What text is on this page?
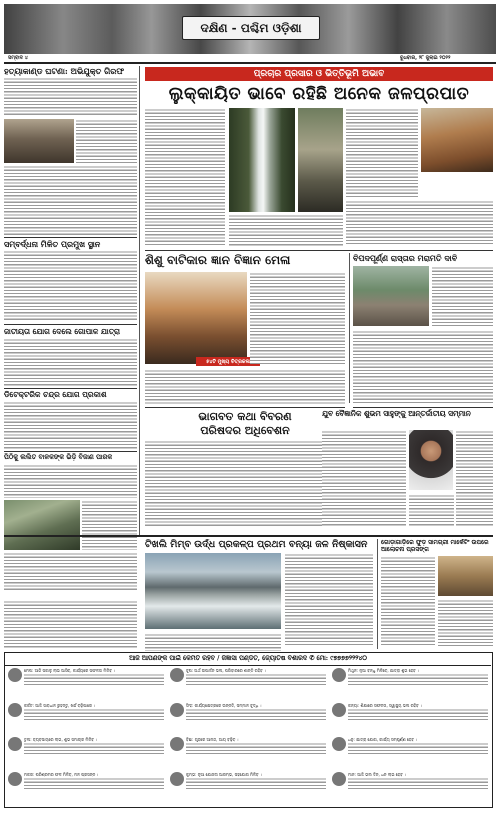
ଦକ୍ଷିଣ - ପଶ୍ଚିମ ଓଡ଼ିଶା
ସମ୍ବାଦ ୪	ବୁଧବାର, ୨୮ ଜୁଲାଇ ୨୦୨୨
ହତ୍ୟାକାଣ୍ଡ ଘଟଣା: ଅଭିଯୁକ୍ତ ଗିରଫ
ସମ୍ବର୍ଦ୍ଧନା ମିଳିତ ପ୍ରମୁଖ ସ୍ଥାନ
ଜାତୀୟତା ଯୋଗ ଦେଲେ ଗୋପାଳ ଯାତ୍ରା
ଡିଟେକ୍ଟରିକ ଚନ୍ଦ୍ର ଯୋଗ ପ୍ରକାଶ
ପିଠିକୁ ଲଲିତ ବାଳକଙ୍କ ଭିଡ଼ି ବିଜାଣ ପାରକ
ପ୍ରଚାର ପ୍ରସାର ଓ ଭିତ୍ତିଭୂମି ଅଭାବ
ଲୁକ୍କାୟିତ ଭାବେ ରହିଛି ଅନେକ ଜଳପ୍ରପାତ
ଶିଶୁ ବାଟିକାର ଜ୍ଞାନ ବିଜ୍ଞାନ ମେଳା
୫୪ଟି ମୁଖ୍ୟ ଚିତ୍ରକଳା
ବିପଦପୂର୍ଣ୍ଣ ରାସ୍ତାର ମରାମତି ଦାବି
ଭାଗବତ କଥା ବିବରଣ
ପରିଷଦର ଅଧିବେଶନ
ଯୁବ ବୈଜ୍ଞାନିକ ଶୁଭମ ସାହୁଙ୍କୁ ଆନ୍ତର୍ଜାତୀୟ ସମ୍ମାନ
ଟିଖଲି ମିମ୍ବ ଉର୍ଦ୍ଧ ପ୍ରକଳ୍ପ ପ୍ରଥମ ବନ୍ୟା ଜଳ ନିଷ୍କାସନ	ଗୋଡ଼ାଗାଡ଼ିରେ ଫୁଡ଼ ସାମଗ୍ରୀ ମାର୍କେଟିଂ ଉପରେ ଆଲୋଚନା ପ୍ରସଙ୍ଗ
ଆଜି ଆପଣଙ୍କ ପାଇଁ କେମିତି ରହିବ / ଜିଜ୍ଞାସା ପଣ୍ଡିତ, ଜ୍ୟୋତିଷ ବିଶାରଦ ✆ ମୋ: ୯୭୭୭୭୨୨୨୪୦
ମେଷ: ଆଜି ସକାଳୁ ଲାଭ ଆସିବ, କାର୍ଯ୍ୟରେ ସଫଳତା ମିଳିବ ।	ବୃଷ: ଅର୍ଥ ଉପାର୍ଜନ ଭଲ, ପରିବାରରେ ଶାନ୍ତି ରହିବ ।	ମିଥୁନ: ନୂଆ ବନ୍ଧୁ ମିଳିବେ, ଯାତ୍ରା ଶୁଭ ହେବ ।
କର୍କଟ: ଆଜି ସାବଧାନ ରୁହନ୍ତୁ, ଖର୍ଚ୍ଚ ବଢ଼ିପାରେ ।	ସିଂହ: କାର୍ଯ୍ୟକ୍ଷେତ୍ରରେ ଉନ୍ନତି, ସମ୍ମାନ ବୃଦ୍ଧି ।	କନ୍ୟା: ଶିକ୍ଷାରେ ସଫଳତା, ସ୍ୱାସ୍ଥ୍ୟ ଭଲ ରହିବ ।
ତୁଳା: ବ୍ୟବସାୟରେ ଲାଭ, ଶୁଭ ସମାଚାର ମିଳିବ ।	ବିଛା: ଗୃହରେ ଆନନ୍ଦ, ଆୟ ବଢ଼ିବ ।	ଧନୁ: ଯାତ୍ରା ଯୋଗ, କାର୍ଯ୍ୟ ସମ୍ପୂର୍ଣ୍ଣ ହେବ ।
ମକର: ପରିଶ୍ରମର ଫଳ ମିଳିବ, ମନ ପ୍ରସନ୍ନ ।	କୁମ୍ଭ: ନୂଆ ଯୋଜନା ଆରମ୍ଭ, ସହଯୋଗ ମିଳିବ ।	ମୀନ: ଆଜି ଭଲ ଦିନ, ଧନ ଲାଭ ହେବ ।
